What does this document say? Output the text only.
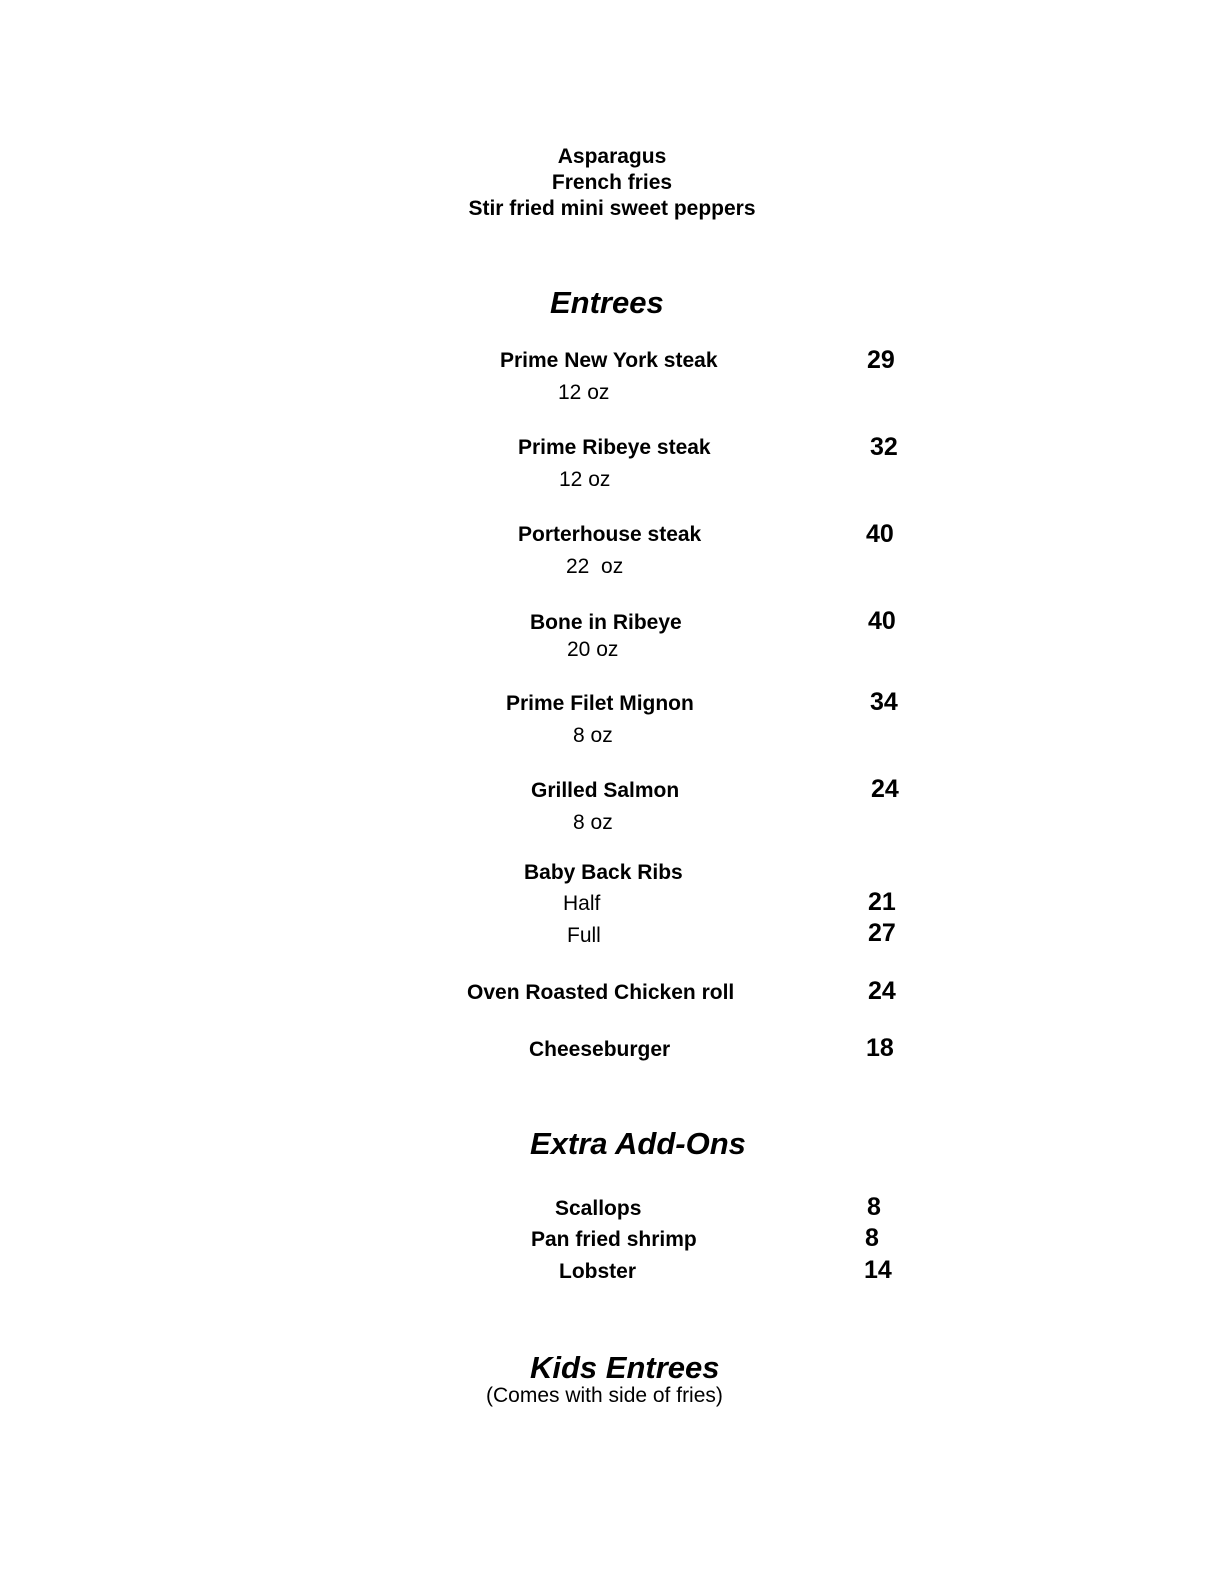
Asparagus
French fries
Stir fried mini sweet peppers
Entrees
Prime New York steak	29
12 oz
Prime Ribeye steak	32
12 oz
Porterhouse steak	40
22  oz
Bone in Ribeye	40
20 oz
Prime Filet Mignon	34
8 oz
Grilled Salmon	24
8 oz
Baby Back Ribs
Half	21
Full	27
Oven Roasted Chicken roll	24
Cheeseburger	18
Extra Add-Ons
Scallops	8
Pan fried shrimp	8
Lobster	14
Kids Entrees
(Comes with side of fries)
